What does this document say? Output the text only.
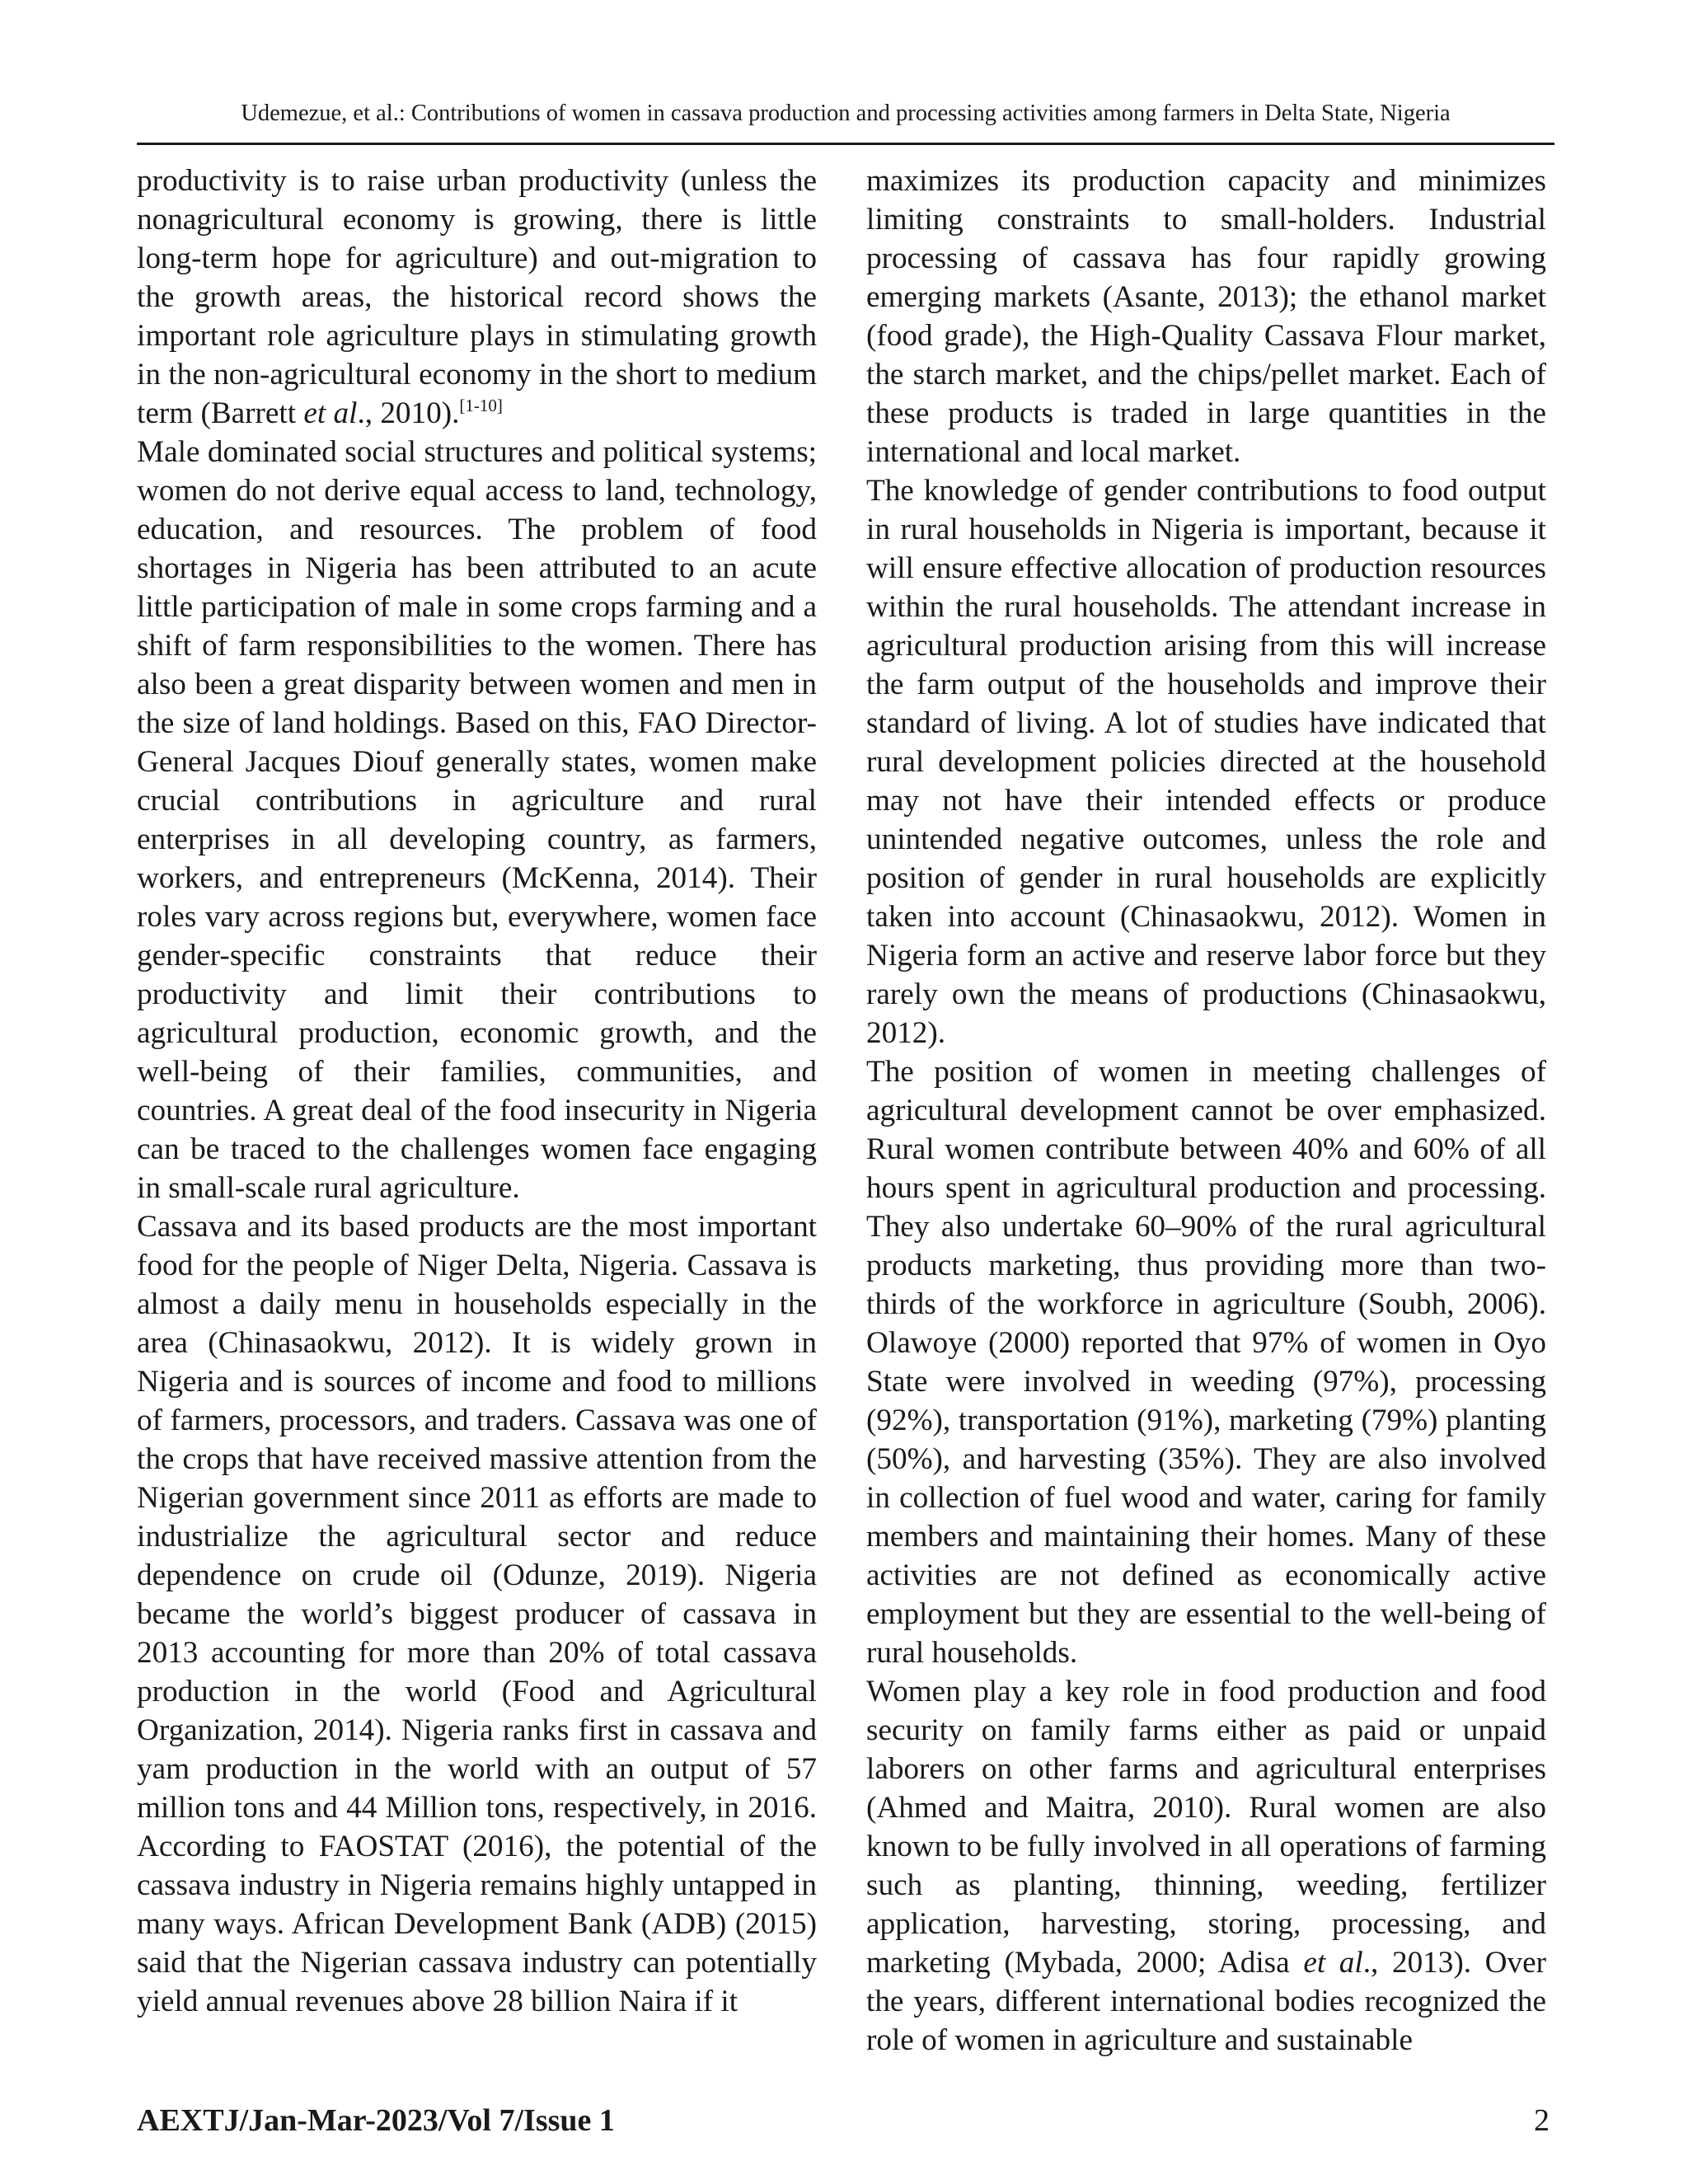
Udemezue, et al.: Contributions of women in cassava production and processing activities among farmers in Delta State, Nigeria

productivity is to raise urban productivity (unless the nonagricultural economy is growing, there is little long-term hope for agriculture) and out-migration to the growth areas, the historical record shows the important role agriculture plays in stimulating growth in the non-agricultural economy in the short to medium term (Barrett et al., 2010).[1-10]

Male dominated social structures and political systems; women do not derive equal access to land, technology, education, and resources. The problem of food shortages in Nigeria has been attributed to an acute little participation of male in some crops farming and a shift of farm responsibilities to the women. There has also been a great disparity between women and men in the size of land holdings. Based on this, FAO Director-General Jacques Diouf generally states, women make crucial contributions in agriculture and rural enterprises in all developing country, as farmers, workers, and entrepreneurs (McKenna, 2014). Their roles vary across regions but, everywhere, women face gender-specific constraints that reduce their productivity and limit their contributions to agricultural production, economic growth, and the well-being of their families, communities, and countries. A great deal of the food insecurity in Nigeria can be traced to the challenges women face engaging in small-scale rural agriculture.

Cassava and its based products are the most important food for the people of Niger Delta, Nigeria. Cassava is almost a daily menu in households especially in the area (Chinasaokwu, 2012). It is widely grown in Nigeria and is sources of income and food to millions of farmers, processors, and traders. Cassava was one of the crops that have received massive attention from the Nigerian government since 2011 as efforts are made to industrialize the agricultural sector and reduce dependence on crude oil (Odunze, 2019). Nigeria became the world’s biggest producer of cassava in 2013 accounting for more than 20% of total cassava production in the world (Food and Agricultural Organization, 2014). Nigeria ranks first in cassava and yam production in the world with an output of 57 million tons and 44 Million tons, respectively, in 2016. According to FAOSTAT (2016), the potential of the cassava industry in Nigeria remains highly untapped in many ways. African Development Bank (ADB) (2015) said that the Nigerian cassava industry can potentially yield annual revenues above 28 billion Naira if it

maximizes its production capacity and minimizes limiting constraints to small-holders. Industrial processing of cassava has four rapidly growing emerging markets (Asante, 2013); the ethanol market (food grade), the High-Quality Cassava Flour market, the starch market, and the chips/pellet market. Each of these products is traded in large quantities in the international and local market.

The knowledge of gender contributions to food output in rural households in Nigeria is important, because it will ensure effective allocation of production resources within the rural households. The attendant increase in agricultural production arising from this will increase the farm output of the households and improve their standard of living. A lot of studies have indicated that rural development policies directed at the household may not have their intended effects or produce unintended negative outcomes, unless the role and position of gender in rural households are explicitly taken into account (Chinasaokwu, 2012). Women in Nigeria form an active and reserve labor force but they rarely own the means of productions (Chinasaokwu, 2012).

The position of women in meeting challenges of agricultural development cannot be over emphasized. Rural women contribute between 40% and 60% of all hours spent in agricultural production and processing. They also undertake 60–90% of the rural agricultural products marketing, thus providing more than two-thirds of the workforce in agriculture (Soubh, 2006). Olawoye (2000) reported that 97% of women in Oyo State were involved in weeding (97%), processing (92%), transportation (91%), marketing (79%) planting (50%), and harvesting (35%). They are also involved in collection of fuel wood and water, caring for family members and maintaining their homes. Many of these activities are not defined as economically active employment but they are essential to the well-being of rural households.

Women play a key role in food production and food security on family farms either as paid or unpaid laborers on other farms and agricultural enterprises (Ahmed and Maitra, 2010). Rural women are also known to be fully involved in all operations of farming such as planting, thinning, weeding, fertilizer application, harvesting, storing, processing, and marketing (Mybada, 2000; Adisa et al., 2013). Over the years, different international bodies recognized the role of women in agriculture and sustainable

AEXTJ/Jan-Mar-2023/Vol 7/Issue 1	2
